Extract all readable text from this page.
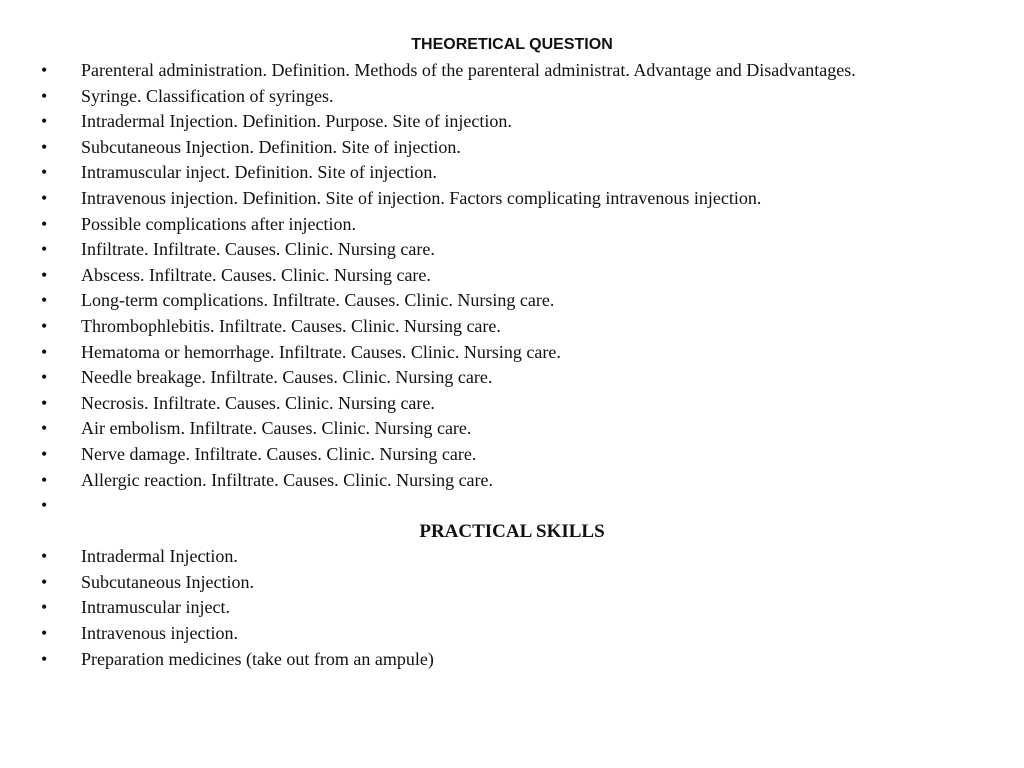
THEORETICAL QUESTION
• Parenteral administration. Definition. Methods of the parenteral administrat. Advantage and Disadvantages.
• Syringe. Classification of syringes.
• Intradermal Injection. Definition. Purpose. Site of injection.
• Subcutaneous Injection. Definition. Site of injection.
• Intramuscular inject. Definition. Site of injection.
• Intravenous injection. Definition. Site of injection. Factors complicating intravenous injection.
• Possible complications after injection.
• Infiltrate. Infiltrate. Causes. Clinic. Nursing care.
• Abscess. Infiltrate. Causes. Clinic. Nursing care.
• Long-term complications. Infiltrate. Causes. Clinic. Nursing care.
• Thrombophlebitis. Infiltrate. Causes. Clinic. Nursing care.
• Hematoma or hemorrhage. Infiltrate. Causes. Clinic. Nursing care.
• Needle breakage. Infiltrate. Causes. Clinic. Nursing care.
• Necrosis. Infiltrate. Causes. Clinic. Nursing care.
• Air embolism. Infiltrate. Causes. Clinic. Nursing care.
• Nerve damage. Infiltrate. Causes. Clinic. Nursing care.
• Allergic reaction. Infiltrate. Causes. Clinic. Nursing care.
•
PRACTICAL SKILLS
• Intradermal Injection.
• Subcutaneous Injection.
• Intramuscular inject.
• Intravenous injection.
• Preparation medicines (take out from an ampule)
